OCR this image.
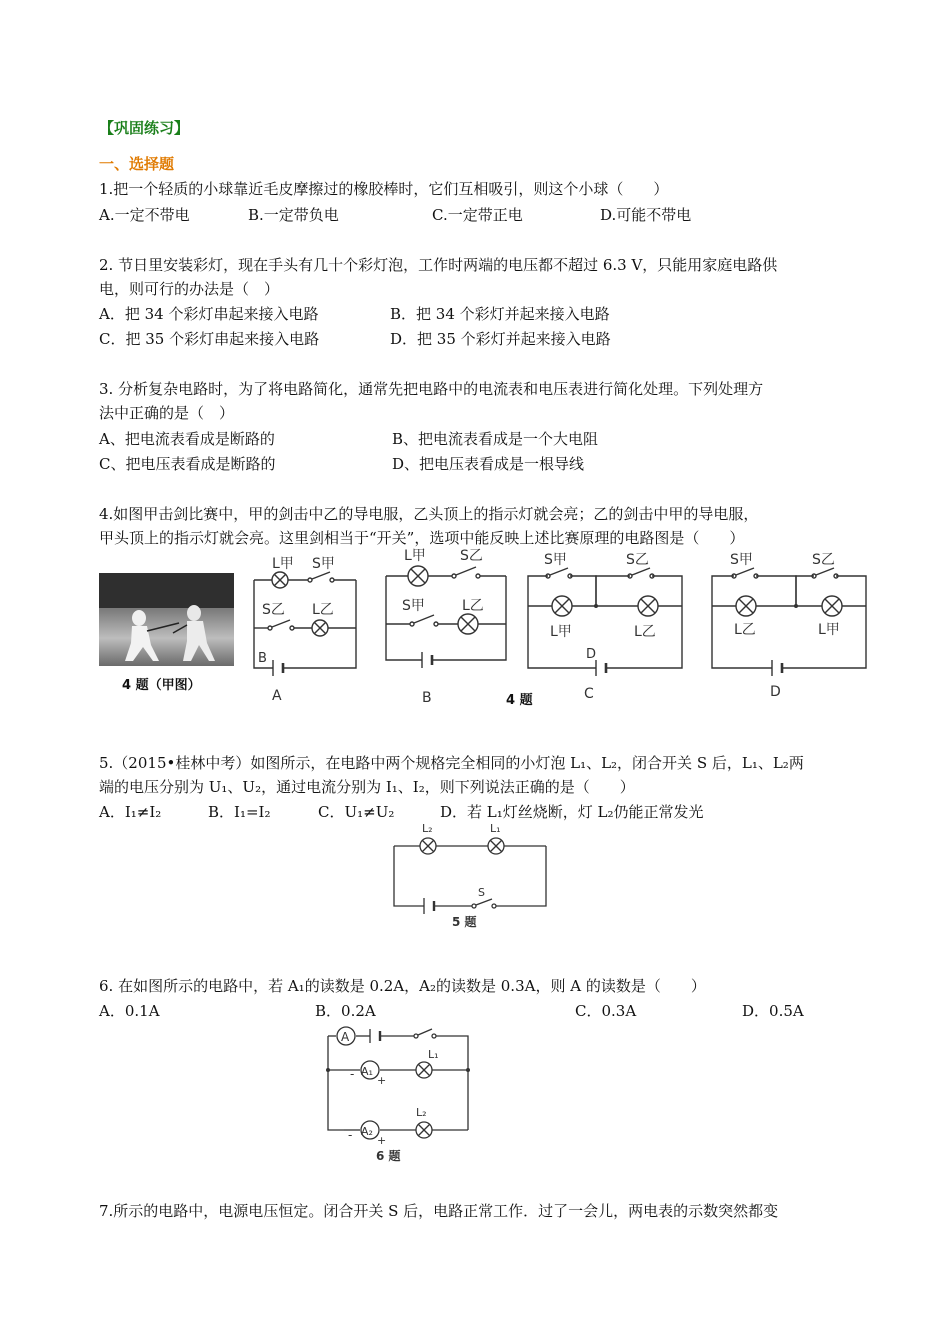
【巩固练习】
一、选择题
1.把一个轻质的小球靠近毛皮摩擦过的橡胶棒时，它们互相吸引，则这个小球（　　）
A.一定不带电	B.一定带负电	C.一定带正电	D.可能不带电
2. 节日里安装彩灯，现在手头有几十个彩灯泡，工作时两端的电压都不超过 6.3 V，只能用家庭电路供
电，则可行的办法是（　）
A．把 34 个彩灯串起来接入电路	B．把 34 个彩灯并起来接入电路
C．把 35 个彩灯串起来接入电路	D．把 35 个彩灯并起来接入电路
3. 分析复杂电路时，为了将电路简化，通常先把电路中的电流表和电压表进行简化处理。下列处理方
法中正确的是（　）
A、把电流表看成是断路的	B、把电流表看成是一个大电阻
C、把电压表看成是断路的	D、把电压表看成是一根导线
4.如图甲击剑比赛中，甲的剑击中乙的导电服，乙头顶上的指示灯就会亮；乙的剑击中甲的导电服，
甲头顶上的指示灯就会亮。这里剑相当于“开关”，选项中能反映上述比赛原理的电路图是（　　）
4 题（甲图）
L甲 S甲
S乙 L乙
B
A
L甲 S乙
S甲	L乙
B	4 题
S甲	S乙
L甲	L乙
D
C
S甲	S乙
L乙	L甲
D
5.（2015•桂林中考）如图所示，在电路中两个规格完全相同的小灯泡 L₁、L₂，闭合开关 S 后，L₁、L₂两
端的电压分别为 U₁、U₂，通过电流分别为 I₁、I₂，则下列说法正确的是（　　）
A．I₁≠I₂	B．I₁=I₂	C．U₁≠U₂	D．若 L₁灯丝烧断，灯 L₂仍能正常发光
L₂	L₁
S
5 题
6. 在如图所示的电路中，若 A₁的读数是 0.2A，A₂的读数是 0.3A，则 A 的读数是（　　）
A．0.1A	B．0.2A	C．0.3A	D．0.5A
A
A₁
A₂
- +
- +
L₁
L₂
6 题
7.所示的电路中，电源电压恒定。闭合开关 S 后，电路正常工作．过了一会儿，两电表的示数突然都变
